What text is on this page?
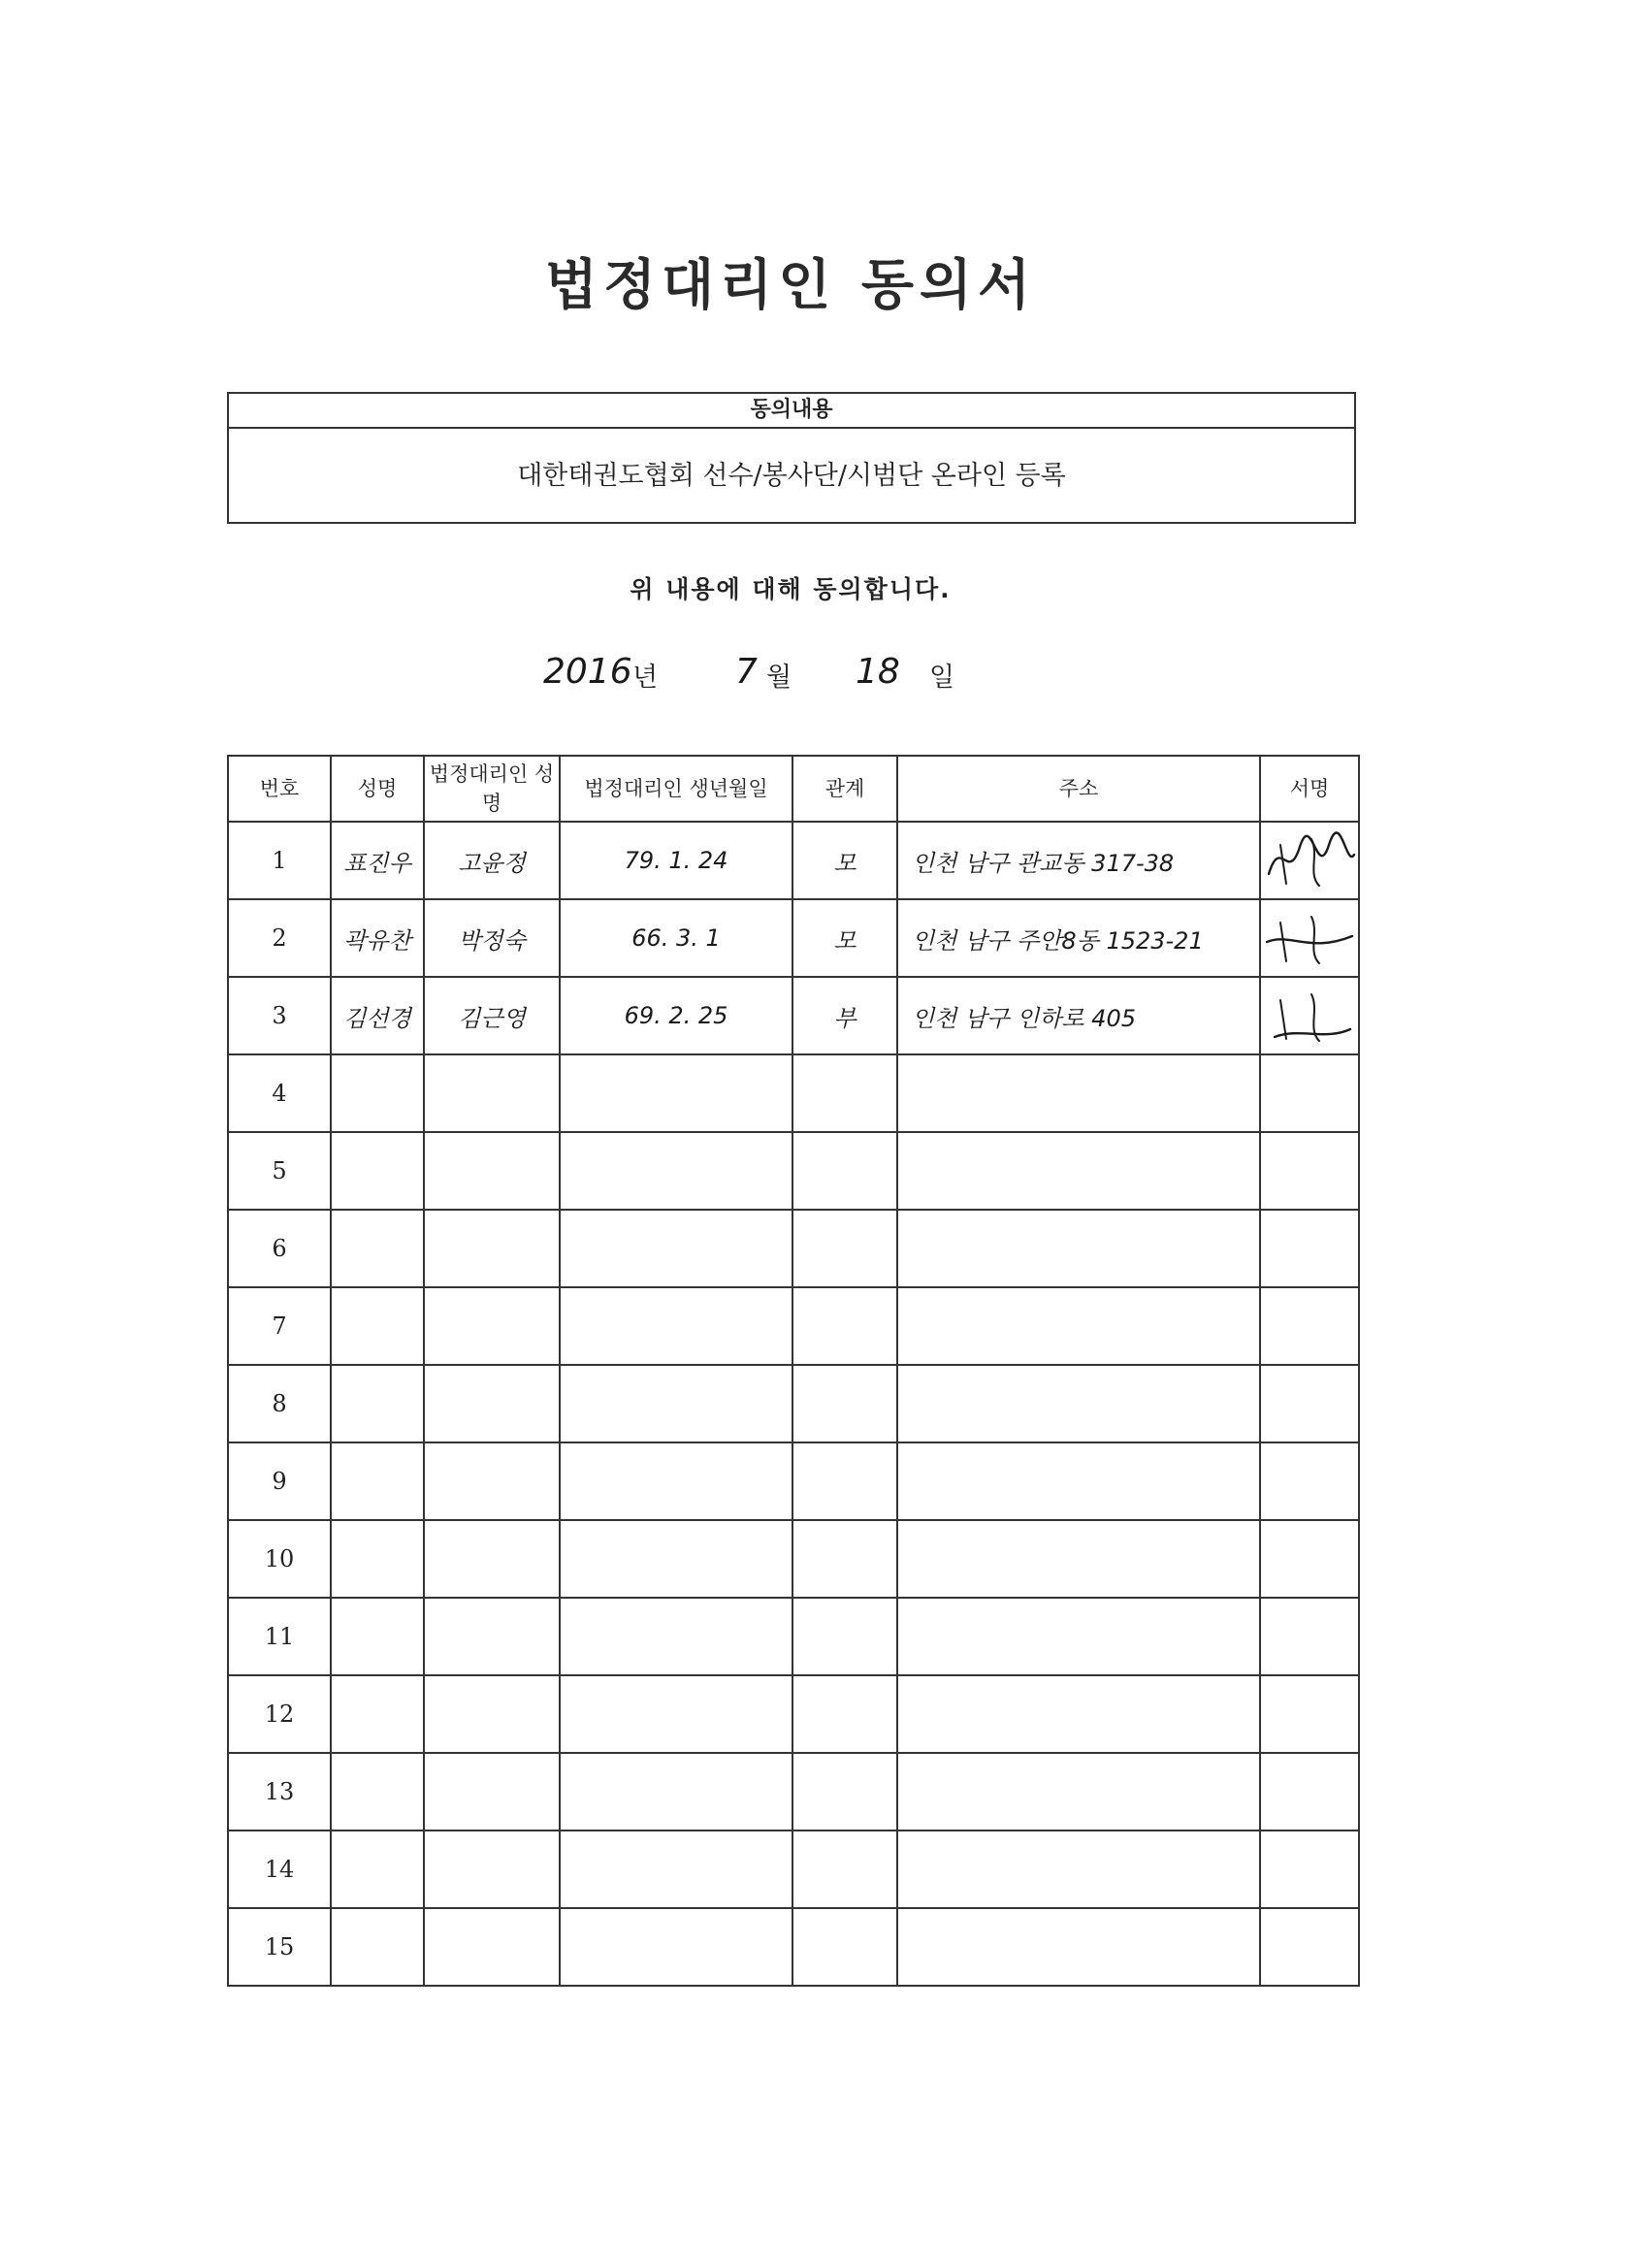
법정대리인 동의서
동의내용
대한태권도협회 선수/봉사단/시범단 온라인 등록
위 내용에 대해 동의합니다.
2016 년 7 월 18 일
번호	성명	법정대리인 성명	법정대리인 생년월일	관계	주소	서명
1	표진우	고윤정	79. 1. 24	모	인천 남구 관교동 317-38	

2	곽유찬	박정숙	66. 3. 1	모	인천 남구 주안8동 1523-21	

3	김선경	김근영	69. 2. 25	부	인천 남구 인하로 405	

4						
5						
6						
7						
8						
9						
10						
11						
12						
13						
14						
15						
